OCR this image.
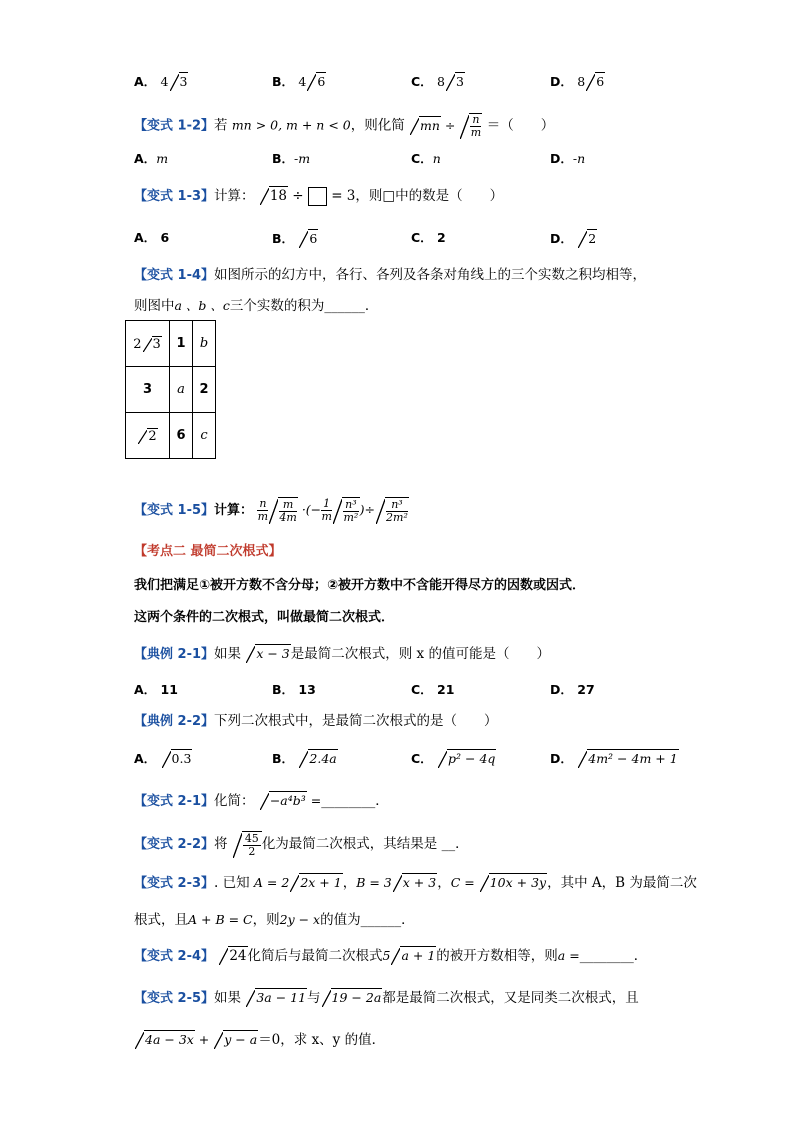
A． 4 3	B． 4 6	C． 8 3	D． 8 6
【变式 1-2】若 mn > 0, m + n < 0，则化简 mn ÷ $\frac{n}{m}$ ＝（　　）
A．m	B．-m	C．n	D．-n
【变式 1-3】计算： 18 ÷ = 3，则□中的数是（　　）
A． 6	B． 6	C． 2	D． 2
【变式 1-4】如图所示的幻方中，各行、各列及各条对角线上的三个实数之积均相等，
则图中a 、b 、c三个实数的积为______．
2 3	1	b
3	a	2
2	6	c
【变式 1-5】计算： $\frac{n}{m} \frac{m}{4m}$ ·(− $\frac{1}{m} \frac{\text{n³}}{\text{m²}}$ )÷ $\frac{\text{n³}}{\text{2m²}}$
【考点二 最简二次根式】
我们把满足①被开方数不含分母；②被开方数中不含能开得尽方的因数或因式．
这两个条件的二次根式，叫做最简二次根式．
【典例 2-1】如果 x − 3是最简二次根式，则 x 的值可能是（　　）
A． 11	B． 13	C． 21	D． 27
【典例 2-2】下列二次根式中，是最简二次根式的是（　　）
A． 0.3	B． 2.4a	C． p² − 4q	D． 4m² − 4m + 1
【变式 2-1】化简： −a⁴b³ =________．
【变式 2-2】将 $\frac{45}{2}$ 化为最简二次根式，其结果是 __．
【变式 2-3】. 已知 A = 2 2x + 1，B = 3 x + 3，C = 10x + 3y，其中 A，B 为最简二次
根式，且A + B = C，则2y − x的值为______．
【变式 2-4】 24化简后与最简二次根式5 a + 1的被开方数相等，则a =________．
【变式 2-5】如果 3a − 11与 19 − 2a都是最简二次根式，又是同类二次根式，且
4a − 3x + y − a＝0，求 x、y 的值．
